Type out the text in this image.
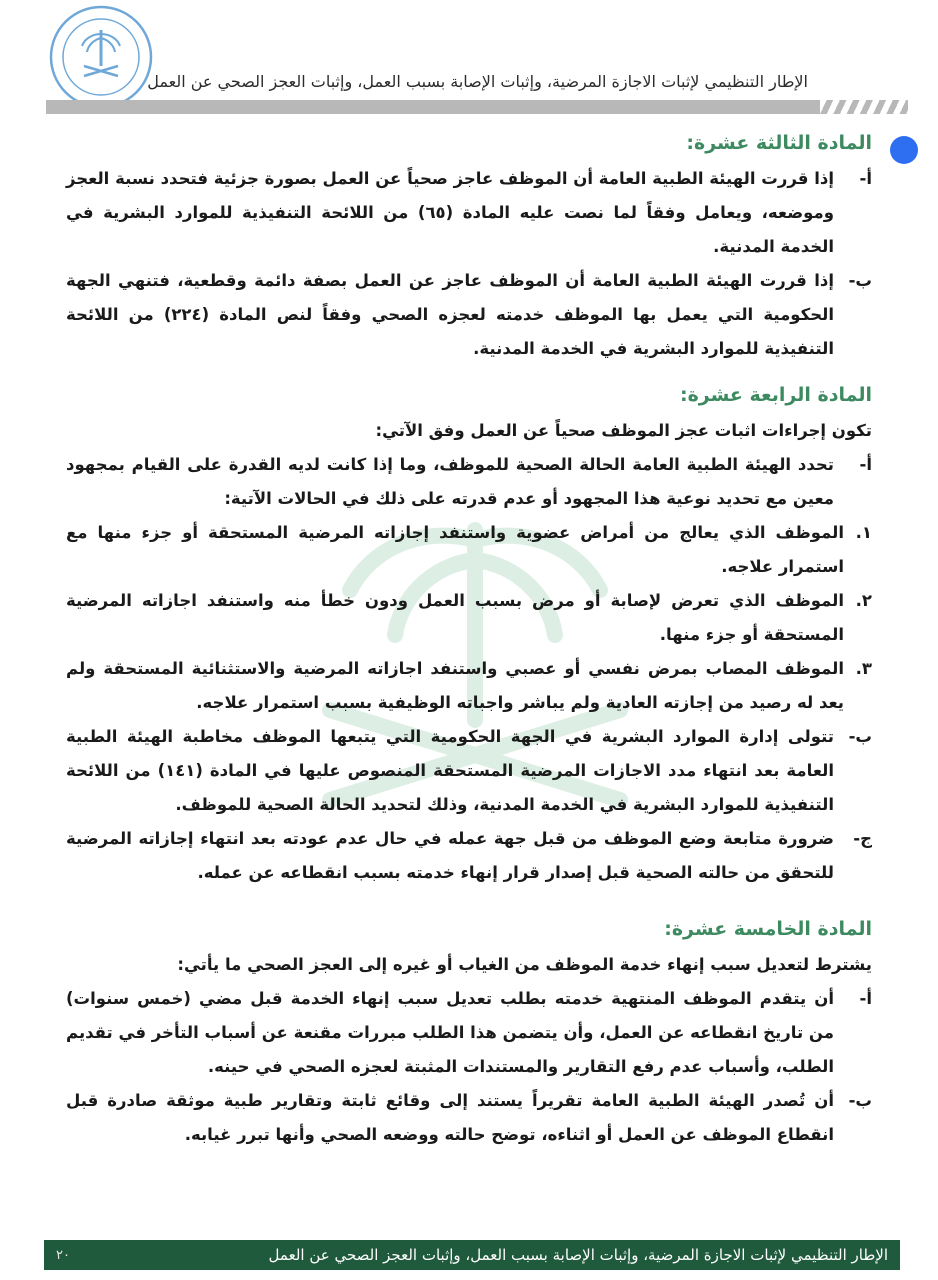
الإطار التنظيمي لإثبات الاجازة المرضية، وإثبات الإصابة بسبب العمل، وإثبات العجز الصحي عن العمل
المادة الثالثة عشرة:
أ-
إذا قررت الهيئة الطبية العامة أن الموظف عاجز صحياً عن العمل بصورة جزئية فتحدد نسبة العجز وموضعه، ويعامل وفقاً لما نصت عليه المادة (٦٥) من اللائحة التنفيذية للموارد البشرية في الخدمة المدنية.
ب-
إذا قررت الهيئة الطبية العامة أن الموظف عاجز عن العمل بصفة دائمة وقطعية، فتنهي الجهة الحكومية التي يعمل بها الموظف خدمته لعجزه الصحي وفقاً لنص المادة (٢٢٤) من اللائحة التنفيذية للموارد البشرية في الخدمة المدنية.
المادة الرابعة عشرة:
تكون إجراءات اثبات عجز الموظف صحياً عن العمل وفق الآتي:
أ-
تحدد الهيئة الطبية العامة الحالة الصحية للموظف، وما إذا كانت لديه القدرة على القيام بمجهود معين مع تحديد نوعية هذا المجهود أو عدم قدرته على ذلك في الحالات الآتية:
١.
الموظف الذي يعالج من أمراض عضوية واستنفد إجازاته المرضية المستحقة أو جزء منها مع استمرار علاجه.
٢.
الموظف الذي تعرض لإصابة أو مرض بسبب العمل ودون خطأ منه واستنفد اجازاته المرضية المستحقة أو جزء منها.
٣.
الموظف المصاب بمرض نفسي أو عصبي واستنفد اجازاته المرضية والاستثنائية المستحقة ولم يعد له رصيد من إجازته العادية ولم يباشر واجباته الوظيفية بسبب استمرار علاجه.
ب-
تتولى إدارة الموارد البشرية في الجهة الحكومية التي يتبعها الموظف مخاطبة الهيئة الطبية العامة بعد انتهاء مدد الاجازات المرضية المستحقة المنصوص عليها في المادة (١٤١) من اللائحة التنفيذية للموارد البشرية في الخدمة المدنية، وذلك لتحديد الحالة الصحية للموظف.
ج-
ضرورة متابعة وضع الموظف من قبل جهة عمله في حال عدم عودته بعد انتهاء إجازاته المرضية للتحقق من حالته الصحية قبل إصدار قرار إنهاء خدمته بسبب انقطاعه عن عمله.
المادة الخامسة عشرة:
يشترط لتعديل سبب إنهاء خدمة الموظف من الغياب أو غيره إلى العجز الصحي ما يأتي:
أ-
أن يتقدم الموظف المنتهية خدمته بطلب تعديل سبب إنهاء الخدمة قبل مضي (خمس سنوات) من تاريخ انقطاعه عن العمل، وأن يتضمن هذا الطلب مبررات مقنعة عن أسباب التأخر في تقديم الطلب، وأسباب عدم رفع التقارير والمستندات المثبتة لعجزه الصحي في حينه.
ب-
أن تُصدر الهيئة الطبية العامة تقريراً يستند إلى وقائع ثابتة وتقارير طبية موثقة صادرة قبل انقطاع الموظف عن العمل أو اثناءه، توضح حالته ووضعه الصحي وأنها تبرر غيابه.
الإطار التنظيمي لإثبات الاجازة المرضية، وإثبات الإصابة بسبب العمل، وإثبات العجز الصحي عن العمل
٢٠
